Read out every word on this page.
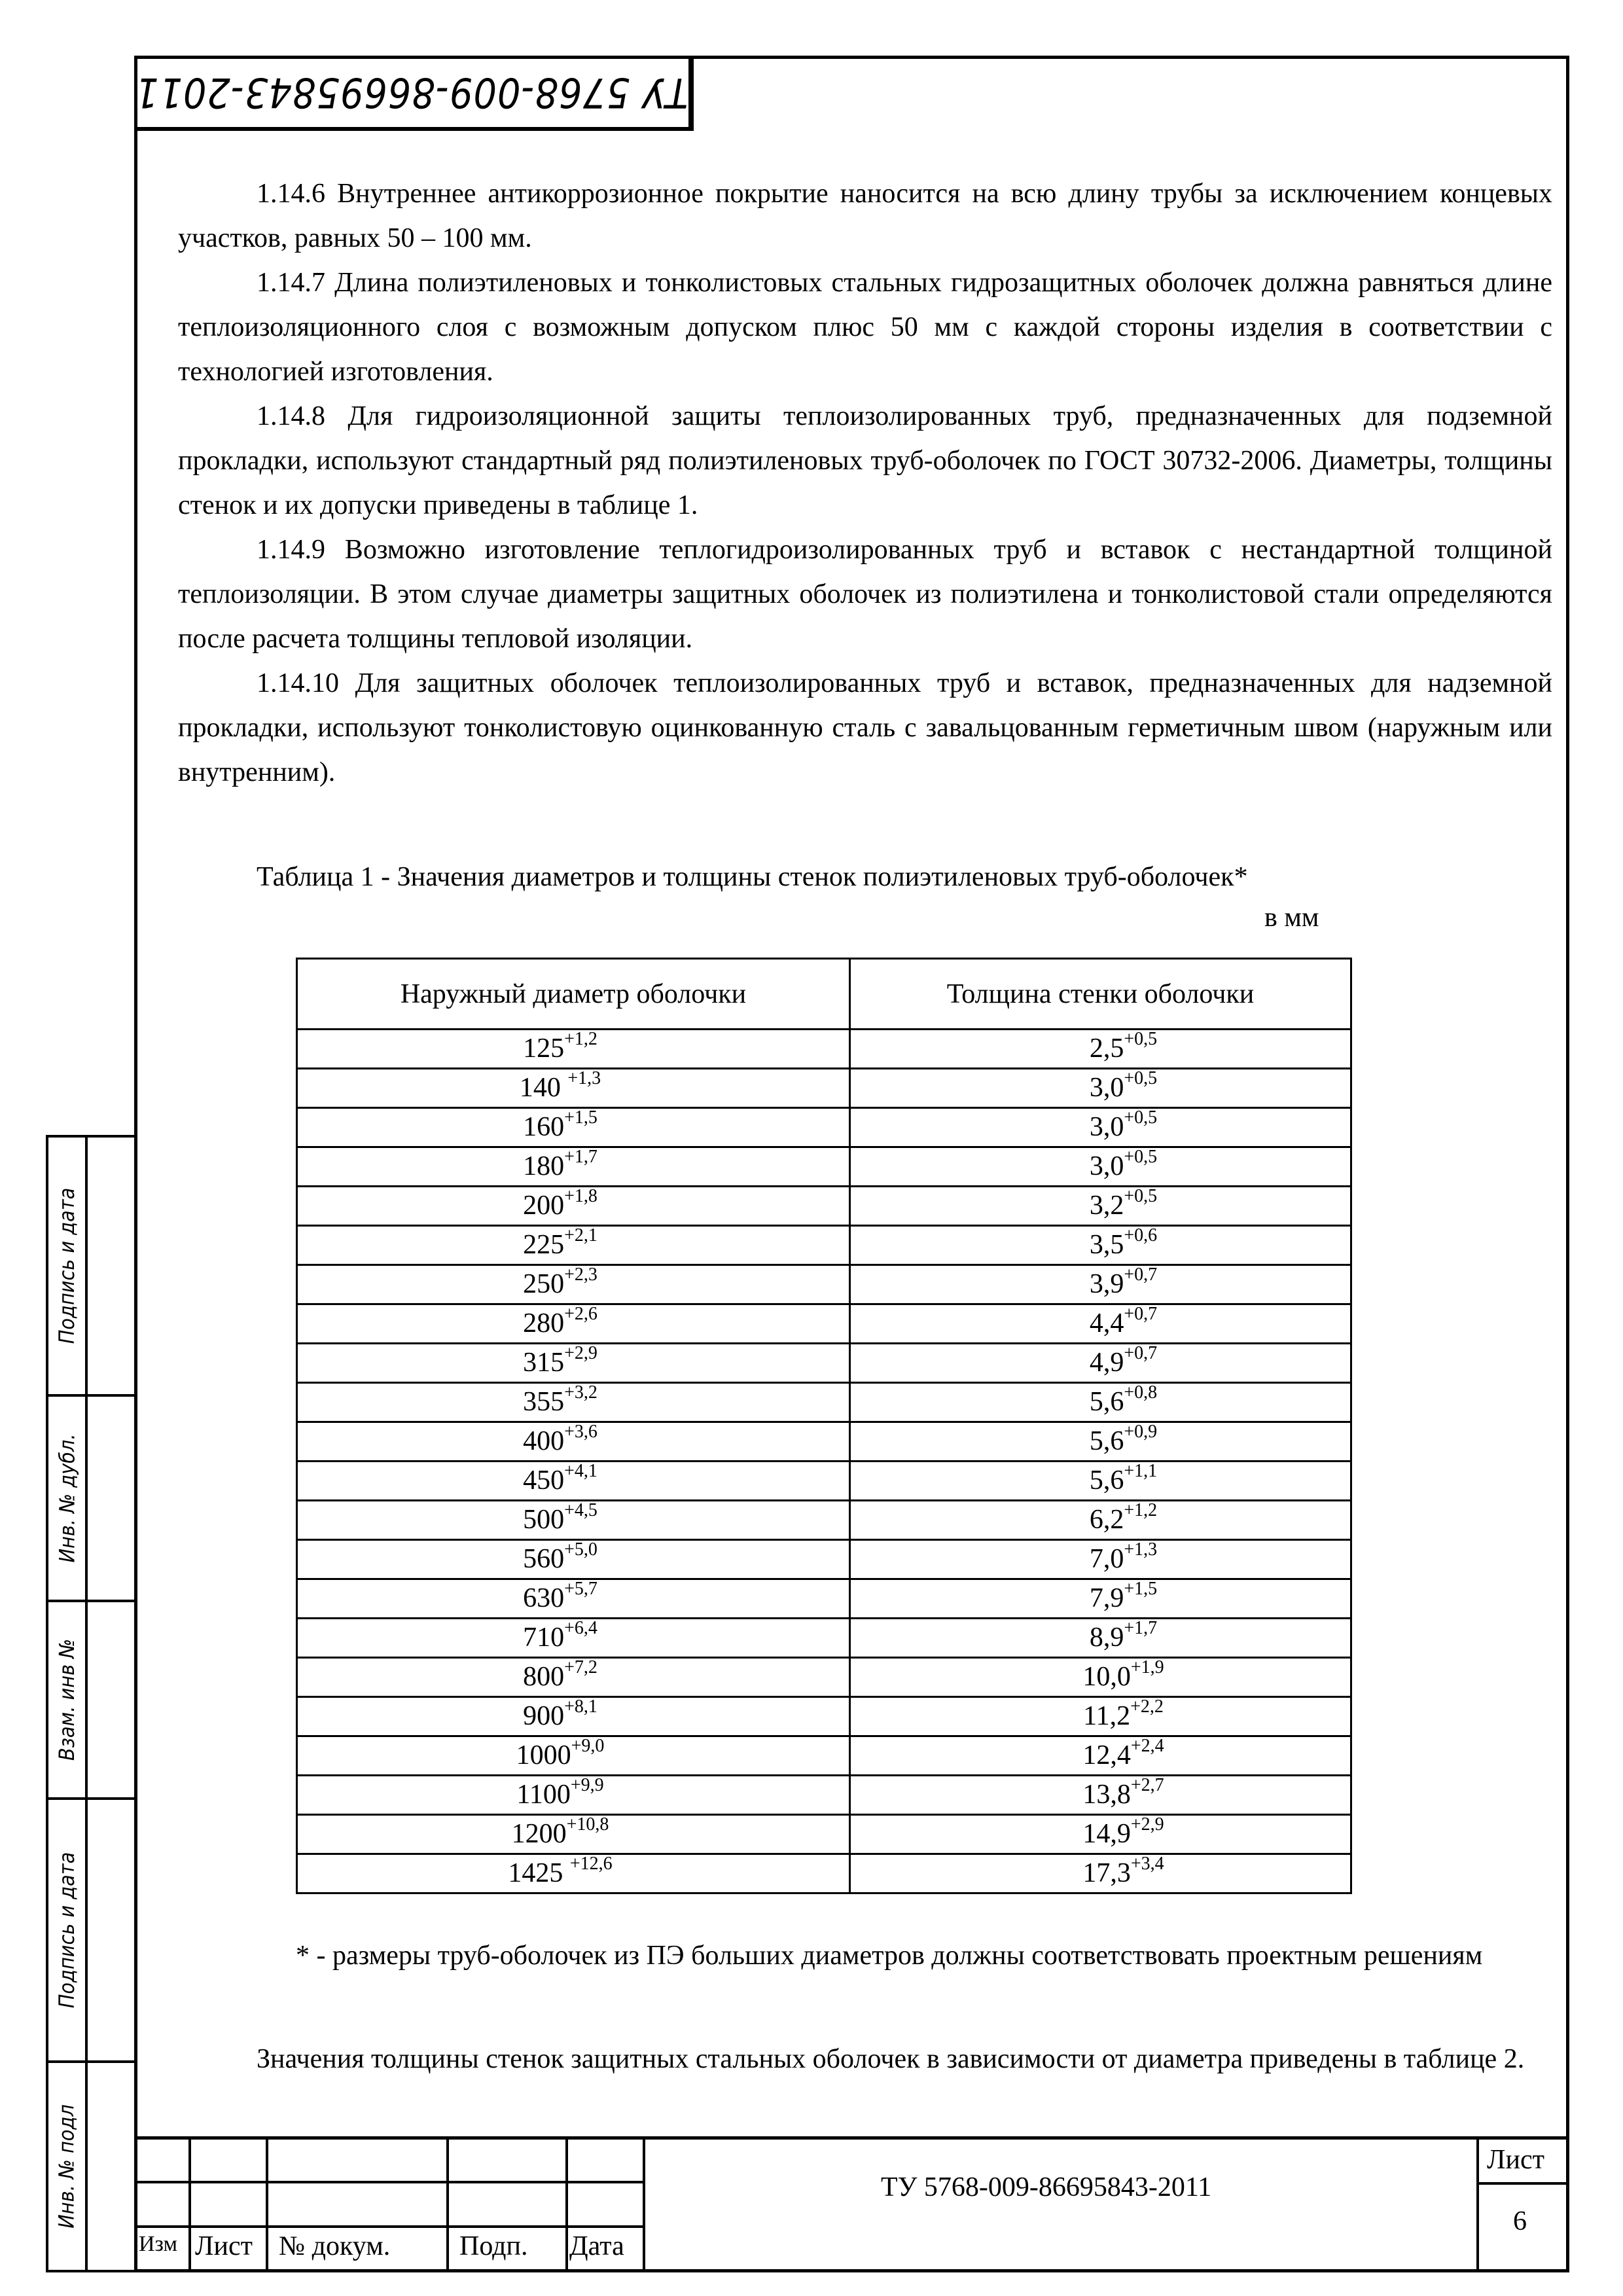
ТУ 5768-009-86695843-2011
1.14.6 Внутреннее антикоррозионное покрытие наносится на всю длину трубы за исключением концевых участков, равных 50 – 100 мм.
1.14.7 Длина полиэтиленовых и тонколистовых стальных гидрозащитных оболочек должна равняться длине теплоизоляционного слоя с возможным допуском плюс 50 мм с каждой стороны изделия в соответствии с технологией изготовления.
1.14.8 Для гидроизоляционной защиты теплоизолированных труб, предназначенных для подземной прокладки, используют стандартный ряд полиэтиленовых труб-оболочек по ГОСТ 30732-2006. Диаметры, толщины стенок и их допуски приведены в таблице 1.
1.14.9 Возможно изготовление теплогидроизолированных труб и вставок с нестандартной толщиной теплоизоляции. В этом случае диаметры защитных оболочек из полиэтилена и тонколистовой стали определяются после расчета толщины тепловой изоляции.
1.14.10 Для защитных оболочек теплоизолированных труб и вставок, предназначенных для надземной прокладки, используют тонколистовую оцинкованную сталь с завальцованным герметичным швом (наружным или внутренним).
Таблица 1 - Значения диаметров и толщины стенок полиэтиленовых труб-оболочек*
в мм
Наружный диаметр оболочки	Толщина стенки оболочки
$125^{+1,2}$	$2,5^{+0,5}$
140 $^{+1,3}$	$3,0^{+0,5}$
$160^{+1,5}$	$3,0^{+0,5}$
$180^{+1,7}$	$3,0^{+0,5}$
$200^{+1,8}$	$3,2^{+0,5}$
$225^{+2,1}$	$3,5^{+0,6}$
$250^{+2,3}$	$3,9^{+0,7}$
$280^{+2,6}$	$4,4^{+0,7}$
$315^{+2,9}$	$4,9^{+0,7}$
$355^{+3,2}$	$5,6^{+0,8}$
$400^{+3,6}$	$5,6^{+0,9}$
$450^{+4,1}$	$5,6^{+1,1}$
$500^{+4,5}$	$6,2^{+1,2}$
$560^{+5,0}$	$7,0^{+1,3}$
$630^{+5,7}$	$7,9^{+1,5}$
$710^{+6,4}$	$8,9^{+1,7}$
$800^{+7,2}$	$10,0^{+1,9}$
$900^{+8,1}$	$11,2^{+2,2}$
$1000^{+9,0}$	$12,4^{+2,4}$
$1100^{+9,9}$	$13,8^{+2,7}$
$1200^{+10,8}$	$14,9^{+2,9}$
1425 $^{+12,6}$	$17,3^{+3,4}$
* - размеры труб-оболочек из ПЭ больших диаметров должны соответствовать проектным решениям
Значения толщины стенок защитных стальных оболочек в зависимости от диаметра приведены в таблице 2.
Подпись и дата
Инв. № дубл.
Взам. инв №
Подпись и дата
Инв. № подл
Изм Лист № докум.	Подп. Дата
ТУ 5768-009-86695843-2011
Лист
6
